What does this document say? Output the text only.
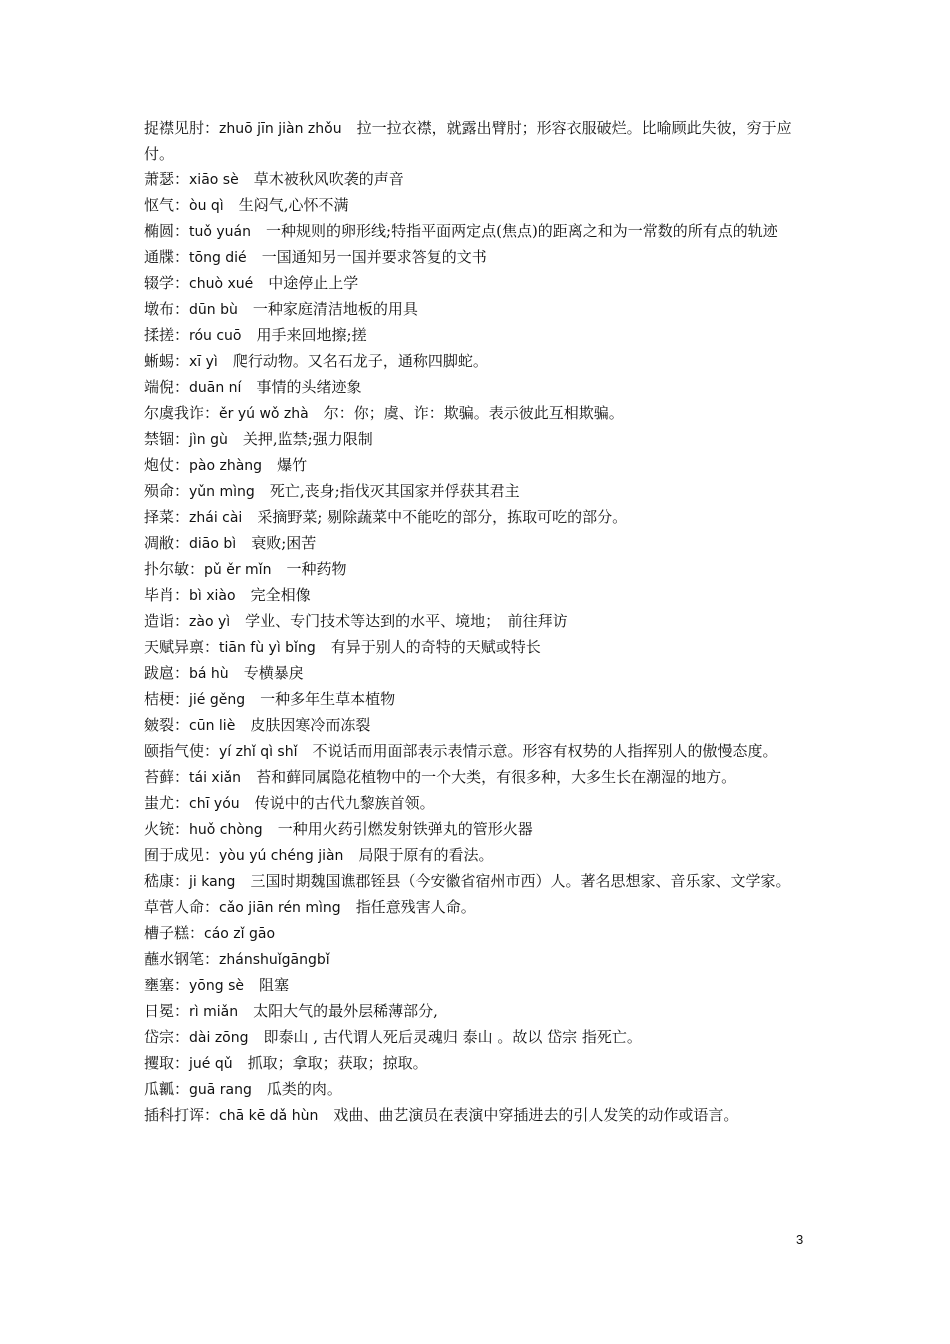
捉襟见肘：zhuō jīn jiàn zhǒu　 拉一拉衣襟，就露出臂肘；形容衣服破烂。比喻顾此失彼，穷于应付。
萧瑟：xiāo sè　 草木被秋风吹袭的声音
怄气：òu qì　 生闷气,心怀不满
椭圆：tuǒ yuán　 一种规则的卵形线;特指平面两定点(焦点)的距离之和为一常数的所有点的轨迹
通牒：tōng dié　 一国通知另一国并要求答复的文书
辍学：chuò xué　 中途停止上学
墩布：dūn bù　 一种家庭清洁地板的用具
揉搓：róu cuō　 用手来回地擦;搓
蜥蜴：xī yì　 爬行动物。又名石龙子，通称四脚蛇。
端倪：duān ní　 事情的头绪迹象
尔虞我诈：ěr yú wǒ zhà　 尔：你；虞、诈：欺骗。表示彼此互相欺骗。
禁锢：jìn gù　 关押,监禁;强力限制
炮仗：pào zhàng　 爆竹
殒命：yǔn mìng　 死亡,丧身;指伐灭其国家并俘获其君主
择菜：zhái cài　 采摘野菜; 剔除蔬菜中不能吃的部分，拣取可吃的部分。
凋敝：diāo bì　 衰败;困苦
扑尔敏：pǔ ěr mǐn　 一种药物
毕肖：bì xiào　 完全相像
造诣：zào yì　 学业、专门技术等达到的水平、境地；　前往拜访
天赋异禀：tiān fù yì bǐng　 有异于别人的奇特的天赋或特长
跋扈：bá hù　 专横暴戾
桔梗：jié gěng　 一种多年生草本植物
皴裂：cūn liè　 皮肤因寒冷而冻裂
颐指气使：yí zhǐ qì shǐ　 不说话而用面部表示表情示意。形容有权势的人指挥别人的傲慢态度。
苔藓：tái xiǎn　 苔和藓同属隐花植物中的一个大类，有很多种，大多生长在潮湿的地方。
蚩尤：chī yóu　 传说中的古代九黎族首领。
火铳：huǒ chòng　 一种用火药引燃发射铁弹丸的管形火器
囿于成见：yòu yú chéng jiàn　 局限于原有的看法。
嵇康：ji kang　 三国时期魏国谯郡铚县（今安徽省宿州市西）人。著名思想家、音乐家、文学家。
草菅人命：cǎo jiān rén mìng　 指任意残害人命。
槽子糕：cáo zǐ gāo　
蘸水钢笔：zhánshuǐgāngbǐ　
壅塞：yōng sè　 阻塞
日冕：rì miǎn　 太阳大气的最外层稀薄部分,
岱宗：dài zōng　 即泰山 , 古代谓人死后灵魂归 泰山 。故以 岱宗 指死亡。
攫取：jué qǔ　 抓取；拿取；获取；掠取。
瓜瓤：guā rang　 瓜类的肉。
插科打诨：chā kē dǎ hùn　 戏曲、曲艺演员在表演中穿插进去的引人发笑的动作或语言。
3
